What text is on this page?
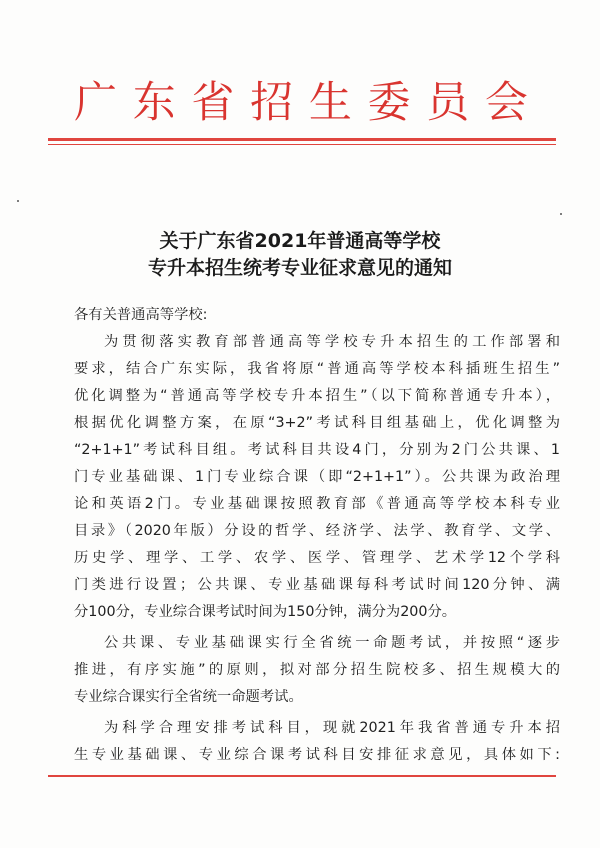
广 东 省 招 生 委 员 会
关于广东省2021年普通高等学校
专升本招生统考专业征求意见的通知

各有关普通高等学校:

为贯彻落实教育部普通高等学校专升本招生的工作部署和

要求，结合广东实际，我省将原“普通高等学校本科插班生招生”

优化调整为“普通高等学校专升本招生”（以下简称普通专升本），

根据优化调整方案，在原“3+2”考试科目组基础上，优化调整为

“2+1+1”考试科目组。考试科目共设4门，分别为2门公共课、1

门专业基础课、1门专业综合课（即“2+1+1”）。公共课为政治理

论和英语2门。专业基础课按照教育部《普通高等学校本科专业

目录》（2020年版）分设的哲学、经济学、法学、教育学、文学、

历史学、理学、工学、农学、医学、管理学、艺术学12个学科

门类进行设置；公共课、专业基础课每科考试时间120分钟、满

分100分，专业综合课考试时间为150分钟，满分为200分。

公共课、专业基础课实行全省统一命题考试，并按照“逐步

推进，有序实施”的原则，拟对部分招生院校多、招生规模大的

专业综合课实行全省统一命题考试。

为科学合理安排考试科目，现就2021年我省普通专升本招

生专业基础课、专业综合课考试科目安排征求意见，具体如下:
